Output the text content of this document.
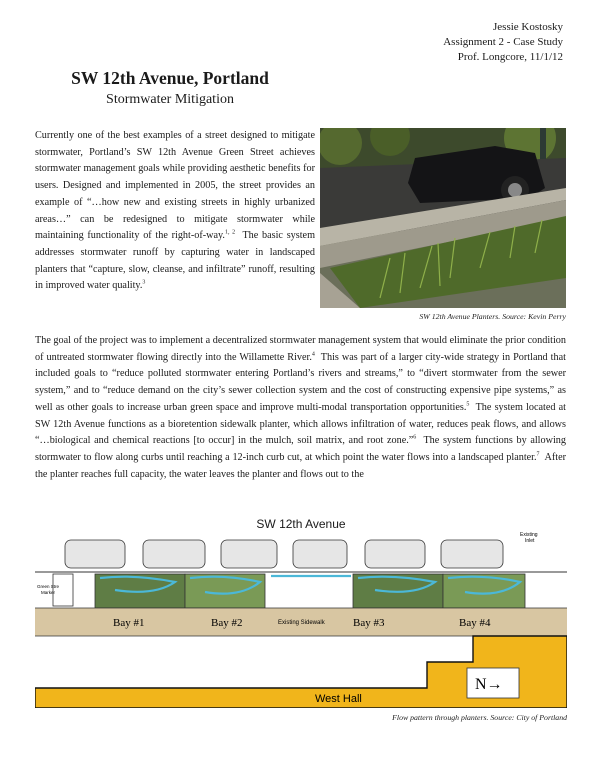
Jessie Kostosky
Assignment 2 - Case Study
Prof. Longcore, 11/1/12
SW 12th Avenue, Portland
Stormwater Mitigation
Currently one of the best examples of a street designed to mitigate stormwater, Portland’s SW 12th Avenue Green Street achieves stormwater management goals while providing aesthetic benefits for users. Designed and implemented in 2005, the street provides an example of “…how new and existing streets in highly urbanized areas…” can be redesigned to mitigate stormwater while maintaining functionality of the right-of-way.$^{1, 2}$ The basic system addresses stormwater runoff by capturing water in landscaped planters that “capture, slow, cleanse, and infiltrate” runoff, resulting in improved water quality.$^3$
SW 12th Avenue Planters. Source: Kevin Perry
The goal of the project was to implement a decentralized stormwater management system that would eliminate the prior condition of untreated stormwater flowing directly into the Willamette River.$^4$ This was part of a larger city-wide strategy in Portland that included goals to “reduce polluted stormwater entering Portland’s rivers and streams,” to “divert stormwater from the sewer system,” and to “reduce demand on the city’s sewer collection system and the cost of constructing expensive pipe systems,” as well as other goals to increase urban green space and improve multi-modal transportation opportunities.$^5$ The system located at SW 12th Avenue functions as a bioretention sidewalk planter, which allows infiltration of water, reduces peak flows, and allows “…biological and chemical reactions [to occur] in the mulch, soil matrix, and root zone.”$^6$ The system functions by allowing stormwater to flow along curbs until reaching a 12-inch curb cut, at which point the water flows into a landscaped planter.$^7$ After the planter reaches full capacity, the water leaves the planter and flows out to the
SW 12th Avenue
Bay #1	Bay #2	Bay #3	Bay #4
Existing Sidewalk
Existing
Inlet
Green Stre
Marker
West Hall
N→
Flow pattern through planters. Source: City of Portland
